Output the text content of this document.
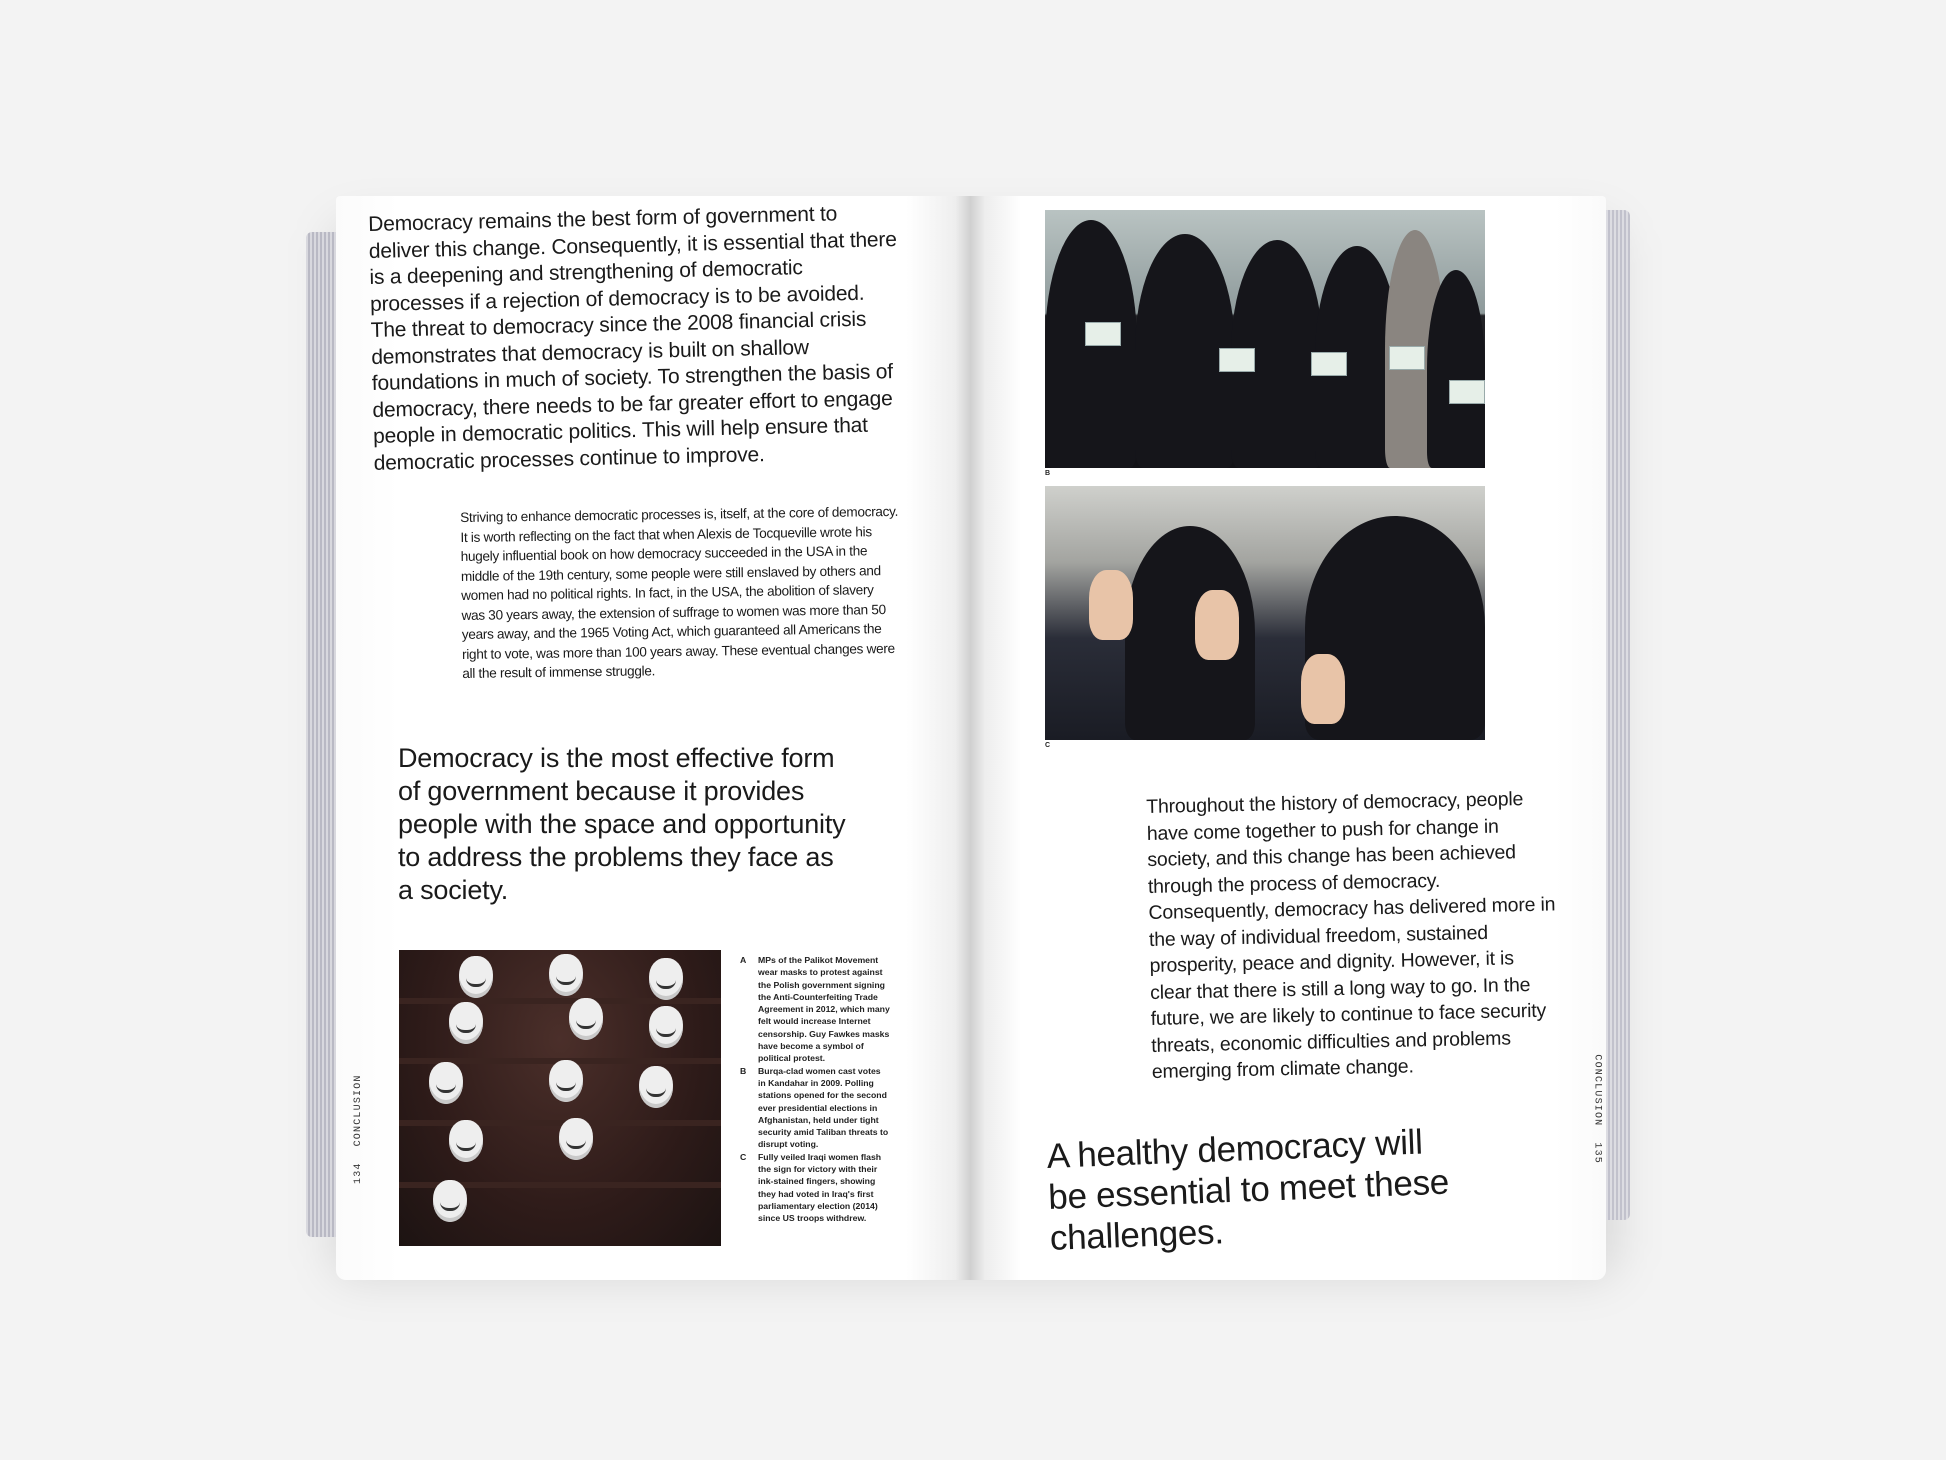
Democracy remains the best form of government to deliver this change. Consequently, it is essential that there is a deepening and strengthening of democratic processes if a rejection of democracy is to be avoided. The threat to democracy since the 2008 financial crisis demonstrates that democracy is built on shallow foundations in much of society. To strengthen the basis of democracy, there needs to be far greater effort to engage people in democratic politics. This will help ensure that democratic processes continue to improve.
Striving to enhance democratic processes is, itself, at the core of democracy. It is worth reflecting on the fact that when Alexis de Tocqueville wrote his hugely influential book on how democracy succeeded in the USA in the middle of the 19th century, some people were still enslaved by others and women had no political rights. In fact, in the USA, the abolition of slavery was 30 years away, the extension of suffrage to women was more than 50 years away, and the 1965 Voting Act, which guaranteed all Americans the right to vote, was more than 100 years away. These eventual changes were all the result of immense struggle.
Democracy is the most effective form of government because it provides people with the space and opportunity to address the problems they face as a society.
A MPs of the Palikot Movement wear masks to protest against the Polish government signing the Anti-Counterfeiting Trade Agreement in 2012, which many felt would increase Internet censorship. Guy Fawkes masks have become a symbol of political protest.
B Burqa-clad women cast votes in Kandahar in 2009. Polling stations opened for the second ever presidential elections in Afghanistan, held under tight security amid Taliban threats to disrupt voting.
C Fully veiled Iraqi women flash the sign for victory with their ink-stained fingers, showing they had voted in Iraq's first parliamentary election (2014) since US troops withdrew.
134CONCLUSION
B
C
Throughout the history of democracy, people have come together to push for change in society, and this change has been achieved through the process of democracy. Consequently, democracy has delivered more in the way of individual freedom, sustained prosperity, peace and dignity. However, it is clear that there is still a long way to go. In the future, we are likely to continue to face security threats, economic difficulties and problems emerging from climate change.
A healthy democracy will be essential to meet these challenges.
CONCLUSION135
